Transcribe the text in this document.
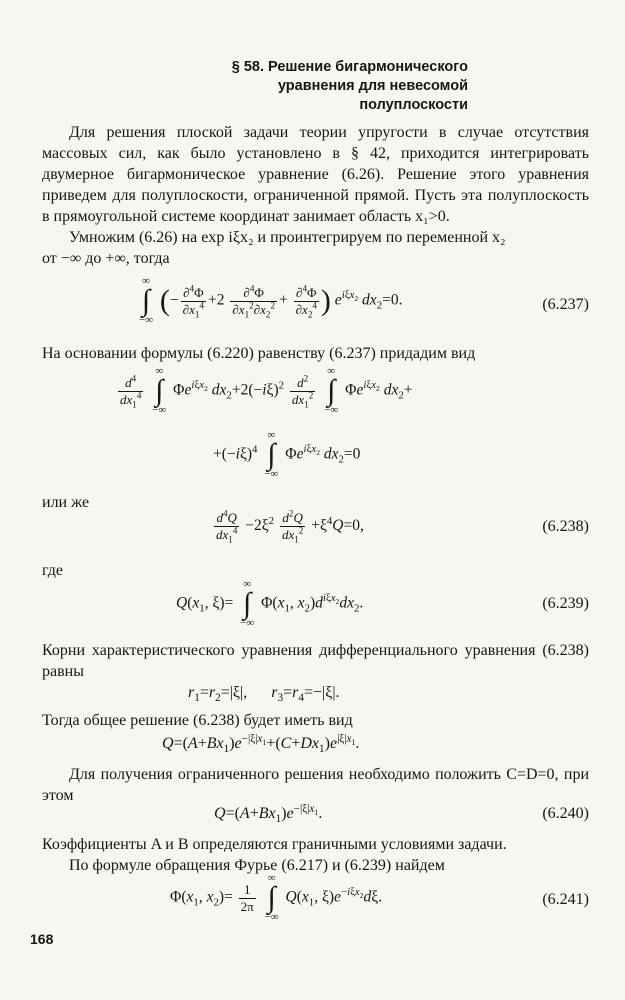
§ 58. Решение бигармонического
уравнения для невесомой
полуплоскости
Для решения плоской задачи теории упругости в случае отсутствия массовых сил, как было установлено в § 42, приходится интегрировать двумерное бигармоническое уравнение (6.26). Решение этого уравнения приведем для полуплоскости, ограниченной прямой. Пусть эта полуплоскость в прямоугольной системе координат занимает область x₁>0.
Умножим (6.26) на exp iξx₂ и проинтегрируем по переменной x₂
от −∞ до +∞, тогда
∞
∫
−∞
(− $\frac{\partial^4\Phi}{\partial x_1^4} +2 \frac{\partial^4\Phi}{\partial x_1^2\partial x_2^2} + \frac{\partial^4\Phi}{\partial x_2^4}$ ) $e^{i\xi x_2}$ $dx_2=0$.	(6.237)
На основании формулы (6.220) равенству (6.237) придадим вид
$\frac{d^4}{dx_1^4}$

∞
∫
−∞
$\Phi e^{i\xi x_2}$ $dx_2+2(-i\xi)^2 \frac{d^2}{dx_1^2}$

∞
∫
−∞
$\Phi e^{i\xi x_2}$ $dx_2+$
$+(-i\xi)^4$
∞
∫
−∞
$\Phi e^{i\xi x_2}$ $dx_2=0$
или же
$\frac{d^4Q}{dx_1^4} -2\xi^2 \frac{d^2Q}{dx_1^2} +\xi^4Q=0$,	(6.238)
где
$Q(x_1$, ξ)=
∞
∫
−∞
$\Phi(x_1$, $x_2)d^{i\xi x_2}dx_2$.	(6.239)
Корни характеристического уравнения дифференциального уравнения (6.238) равны
$r_1=r_2=|\xi|$,      $r_3=r_4=-|\xi|$.
Тогда общее решение (6.238) будет иметь вид
$Q=(A+Bx_1)e^{-|\xi|x_1}+(C+Dx_1)e^{|\xi|x_1}$.
Для получения ограниченного решения необходимо положить C=D=0, при этом
$Q=(A+Bx_1)e^{-|\xi|x_1}$.	(6.240)
Коэффициенты A и B определяются граничными условиями задачи.
По формуле обращения Фурье (6.217) и (6.239) найдем
$\Phi(x_1$, $x_2)= \frac{1}{2\pi}$

∞
∫
−∞
$Q(x_1$, $\xi)e^{-i\xi x_2}d\xi$.	(6.241)
168
